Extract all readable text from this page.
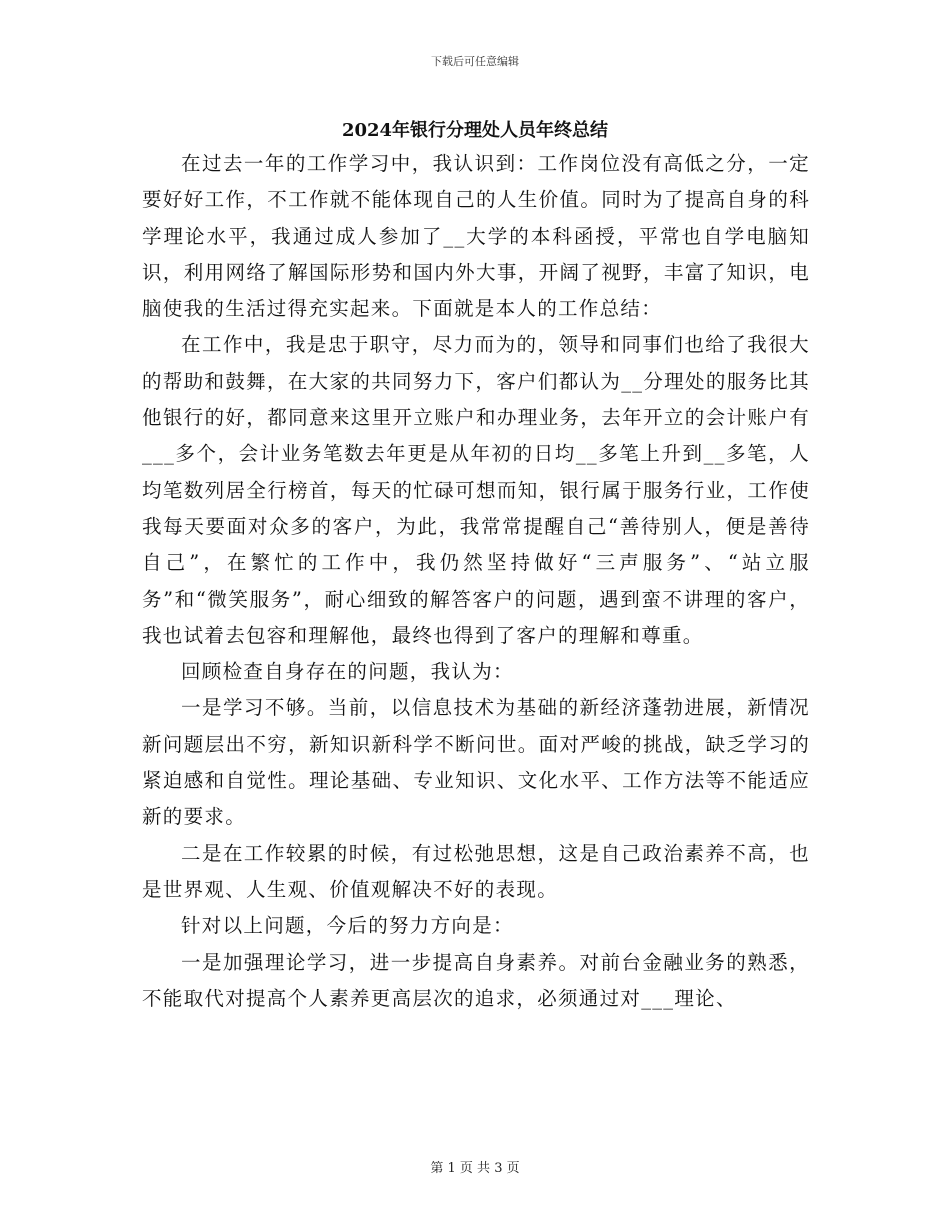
下载后可任意编辑
2024年银行分理处人员年终总结

在过去一年的工作学习中，我认识到：工作岗位没有高低之分，一定要好好工作，不工作就不能体现自己的人生价值。同时为了提高自身的科学理论水平，我通过成人参加了__大学的本科函授，平常也自学电脑知识，利用网络了解国际形势和国内外大事，开阔了视野，丰富了知识，电脑使我的生活过得充实起来。下面就是本人的工作总结：

在工作中，我是忠于职守，尽力而为的，领导和同事们也给了我很大的帮助和鼓舞，在大家的共同努力下，客户们都认为__分理处的服务比其他银行的好，都同意来这里开立账户和办理业务，去年开立的会计账户有___多个，会计业务笔数去年更是从年初的日均__多笔上升到__多笔，人均笔数列居全行榜首，每天的忙碌可想而知，银行属于服务行业，工作使我每天要面对众多的客户，为此，我常常提醒自己“善待别人，便是善待自己”，在繁忙的工作中，我仍然坚持做好“三声服务”、“站立服务”和“微笑服务”，耐心细致的解答客户的问题，遇到蛮不讲理的客户，我也试着去包容和理解他，最终也得到了客户的理解和尊重。

回顾检查自身存在的问题，我认为：

一是学习不够。当前，以信息技术为基础的新经济蓬勃进展，新情况新问题层出不穷，新知识新科学不断问世。面对严峻的挑战，缺乏学习的紧迫感和自觉性。理论基础、专业知识、文化水平、工作方法等不能适应新的要求。

二是在工作较累的时候，有过松弛思想，这是自己政治素养不高，也是世界观、人生观、价值观解决不好的表现。

针对以上问题，今后的努力方向是：

一是加强理论学习，进一步提高自身素养。对前台金融业务的熟悉，不能取代对提高个人素养更高层次的追求，必须通过对___理论、

第 1 页 共 3 页
